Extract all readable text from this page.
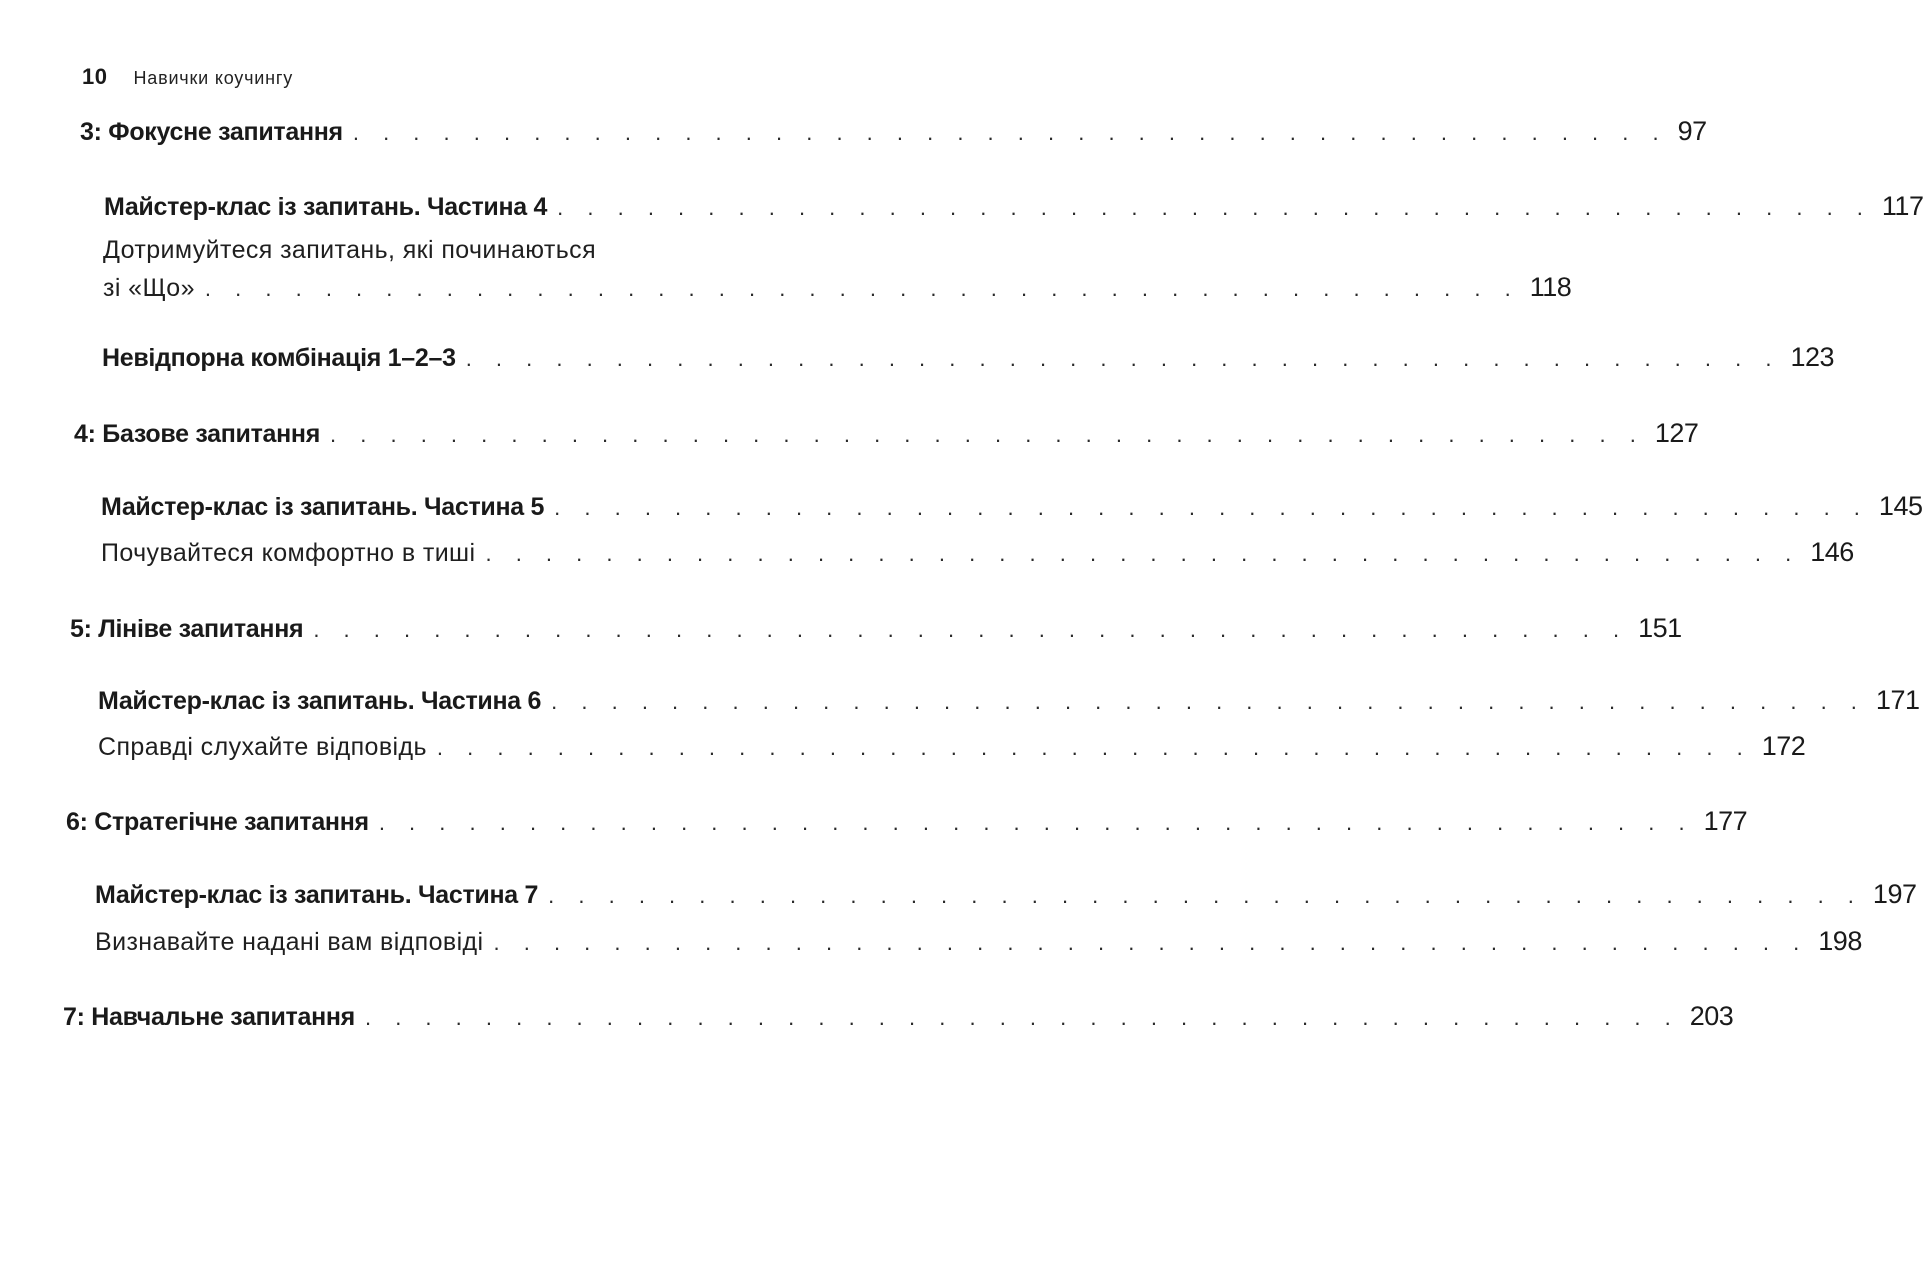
10 Навички коучингу
3: Фокусне запитання . . . . . . . . . . . . . . . . . . . . . . . . . . . . . . . . . . . . . . . . . . . . 97
Майстер-клас із запитань. Частина 4 . . . . . . . . . . . . . . . . . . . . . . . . . . . . . . . . . . . . . . . . . . . . 117
Дотримуйтеся запитань, які починаються
зі «Що» . . . . . . . . . . . . . . . . . . . . . . . . . . . . . . . . . . . . . . . . . . . . 118
Невідпорна комбінація 1–2–3 . . . . . . . . . . . . . . . . . . . . . . . . . . . . . . . . . . . . . . . . . . . . 123
4: Базове запитання . . . . . . . . . . . . . . . . . . . . . . . . . . . . . . . . . . . . . . . . . . . . 127
Майстер-клас із запитань. Частина 5 . . . . . . . . . . . . . . . . . . . . . . . . . . . . . . . . . . . . . . . . . . . . 145
Почувайтеся комфортно в тиші . . . . . . . . . . . . . . . . . . . . . . . . . . . . . . . . . . . . . . . . . . . . 146
5: Лініве запитання . . . . . . . . . . . . . . . . . . . . . . . . . . . . . . . . . . . . . . . . . . . . 151
Майстер-клас із запитань. Частина 6 . . . . . . . . . . . . . . . . . . . . . . . . . . . . . . . . . . . . . . . . . . . . 171
Справді слухайте відповідь . . . . . . . . . . . . . . . . . . . . . . . . . . . . . . . . . . . . . . . . . . . . 172
6: Стратегічне запитання . . . . . . . . . . . . . . . . . . . . . . . . . . . . . . . . . . . . . . . . . . . . 177
Майстер-клас із запитань. Частина 7 . . . . . . . . . . . . . . . . . . . . . . . . . . . . . . . . . . . . . . . . . . . . 197
Визнавайте надані вам відповіді . . . . . . . . . . . . . . . . . . . . . . . . . . . . . . . . . . . . . . . . . . . . 198
7: Навчальне запитання . . . . . . . . . . . . . . . . . . . . . . . . . . . . . . . . . . . . . . . . . . . . 203
